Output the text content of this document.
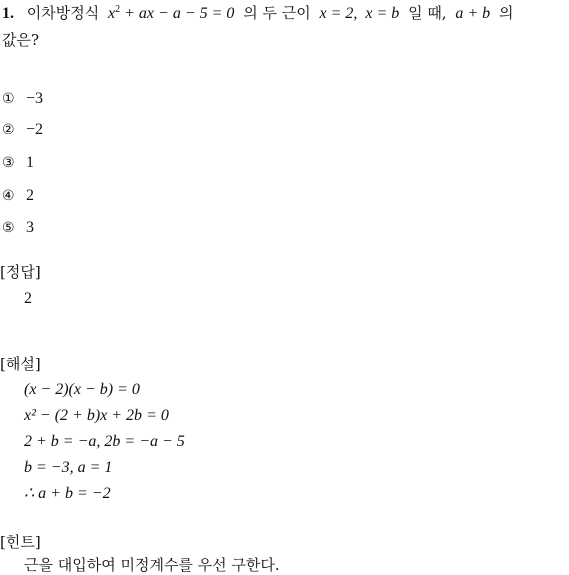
1. 이차방정식 $x^2$ + ax − a − 5 = 0 의 두 근이 x = 2,  x = b 일 때, a + b 의
값은?
① −3
② −2
③ 1
④ 2
⑤ 3
[정답]
2
[해설]
(x − 2)(x − b) = 0
x² − (2 + b)x + 2b = 0
2 + b = −a, 2b = −a − 5
b = −3, a = 1
∴ a + b = −2
[힌트]
근을 대입하여 미정계수를 우선 구한다.
